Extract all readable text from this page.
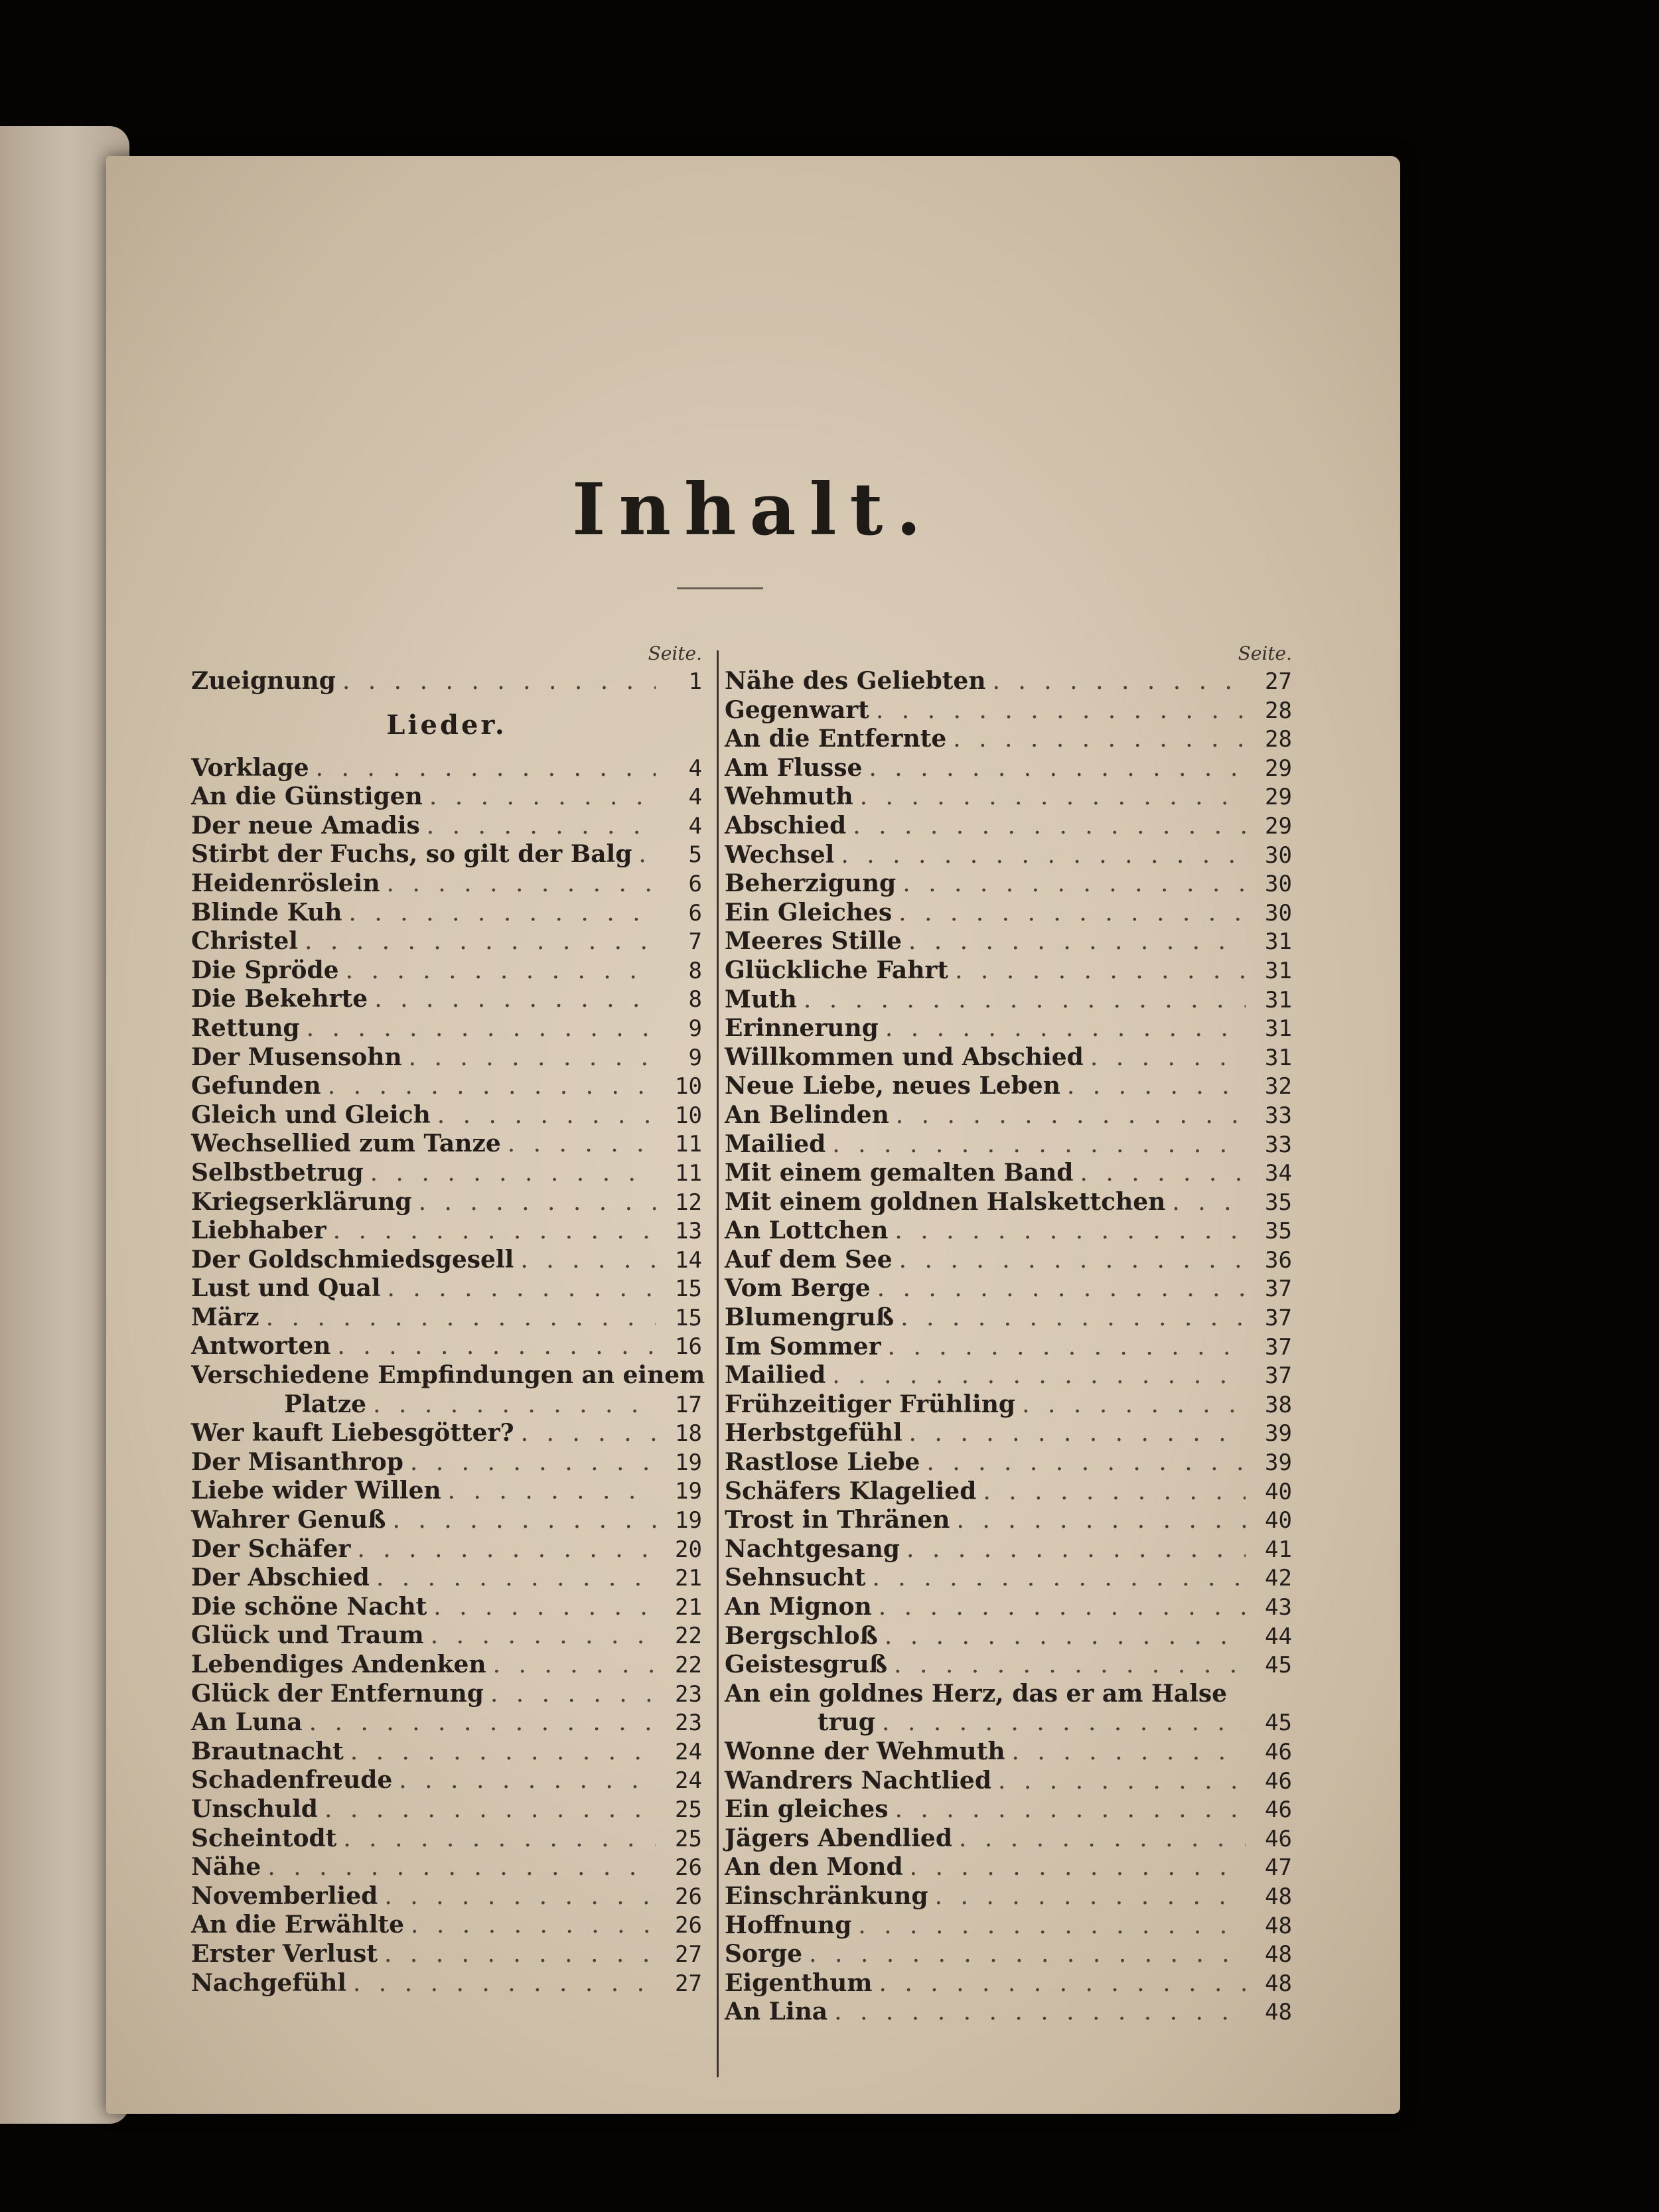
Inhalt.
Seite.
Zueignung . . .	1
Lieder.
Vorklage . . .	4
An die Günstigen . . .	4
Der neue Amadis . . .	4
Stirbt der Fuchs, so gilt der Balg . . .	5
Heidenröslein . . .	6
Blinde Kuh . . .	6
Christel . . .	7
Die Spröde . . .	8
Die Bekehrte . . .	8
Rettung . . .	9
Der Musensohn . . .	9
Gefunden . . .	10
Gleich und Gleich . . .	10
Wechsellied zum Tanze . . .	11
Selbstbetrug . . .	11
Kriegserklärung . . .	12
Liebhaber . . .	13
Der Goldschmiedsgesell . . .	14
Lust und Qual . . .	15
März . . .	15
Antworten . . .	16
Verschiedene Empfindungen an einem
Platze . . .	17
Wer kauft Liebesgötter? . . .	18
Der Misanthrop . . .	19
Liebe wider Willen . . .	19
Wahrer Genuß . . .	19
Der Schäfer . . .	20
Der Abschied . . .	21
Die schöne Nacht . . .	21
Glück und Traum . . .	22
Lebendiges Andenken . . .	22
Glück der Entfernung . . .	23
An Luna . . .	23
Brautnacht . . .	24
Schadenfreude . . .	24
Unschuld . . .	25
Scheintodt . . .	25
Nähe . . .	26
Novemberlied . . .	26
An die Erwählte . . .	26
Erster Verlust . . .	27
Nachgefühl . . .	27
Seite.
Nähe des Geliebten . . .	27
Gegenwart . . .	28
An die Entfernte . . .	28
Am Flusse . . .	29
Wehmuth . . .	29
Abschied . . .	29
Wechsel . . .	30
Beherzigung . . .	30
Ein Gleiches . . .	30
Meeres Stille . . .	31
Glückliche Fahrt . . .	31
Muth . . .	31
Erinnerung . . .	31
Willkommen und Abschied . . .	31
Neue Liebe, neues Leben . . .	32
An Belinden . . .	33
Mailied . . .	33
Mit einem gemalten Band . . .	34
Mit einem goldnen Halskettchen . . .	35
An Lottchen . . .	35
Auf dem See . . .	36
Vom Berge . . .	37
Blumengruß . . .	37
Im Sommer . . .	37
Mailied . . .	37
Frühzeitiger Frühling . . .	38
Herbstgefühl . . .	39
Rastlose Liebe . . .	39
Schäfers Klagelied . . .	40
Trost in Thränen . . .	40
Nachtgesang . . .	41
Sehnsucht . . .	42
An Mignon . . .	43
Bergschloß . . .	44
Geistesgruß . . .	45
An ein goldnes Herz, das er am Halse
trug . . .	45
Wonne der Wehmuth . . .	46
Wandrers Nachtlied . . .	46
Ein gleiches . . .	46
Jägers Abendlied . . .	46
An den Mond . . .	47
Einschränkung . . .	48
Hoffnung . . .	48
Sorge . . .	48
Eigenthum . . .	48
An Lina . . .	48
